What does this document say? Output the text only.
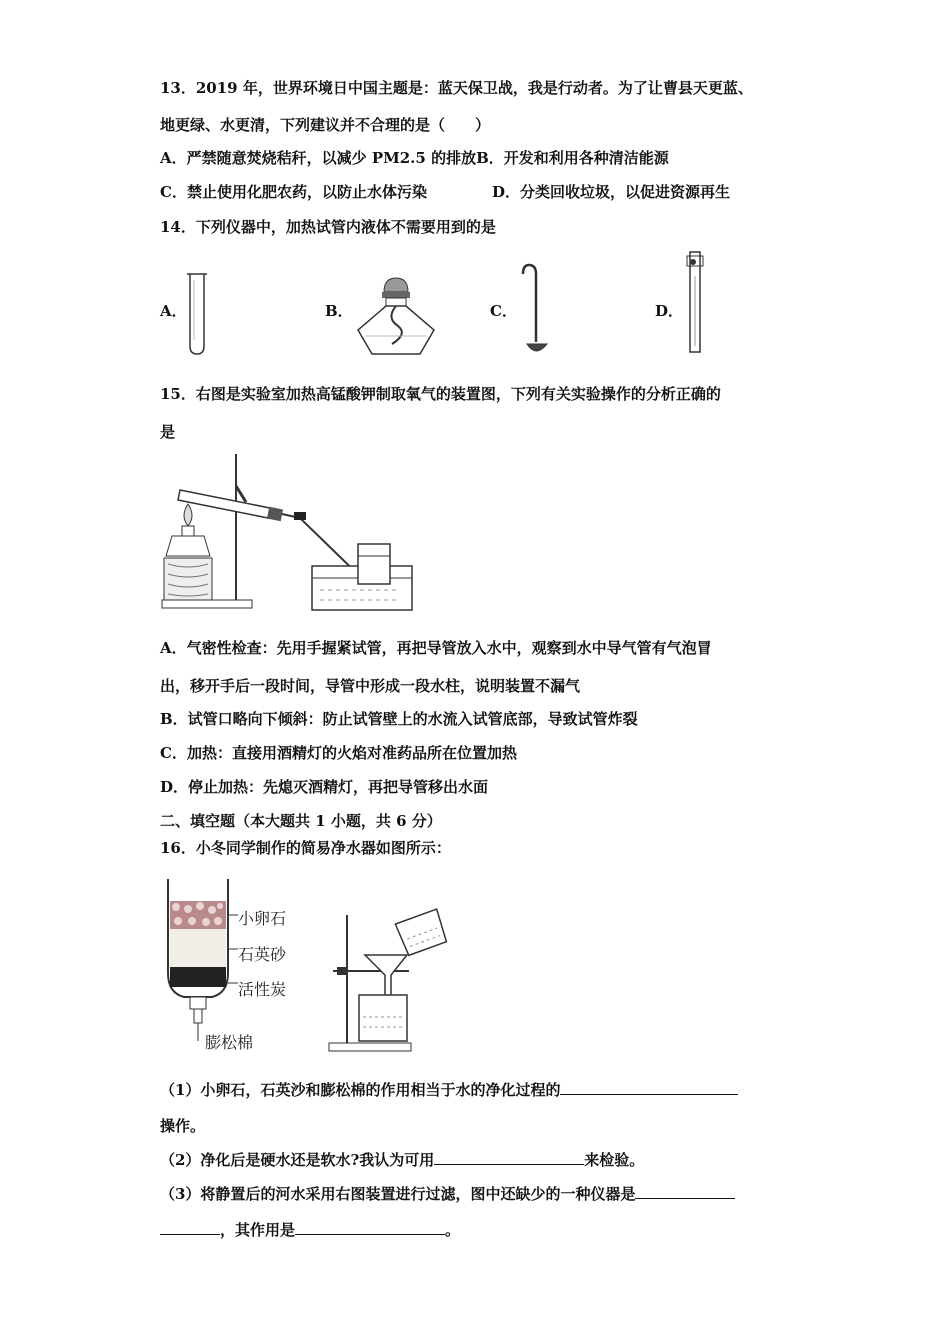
13．2019 年，世界环境日中国主题是：蓝天保卫战，我是行动者。为了让曹县天更蓝、
地更绿、水更清，下列建议并不合理的是（　　）
A．严禁随意焚烧秸秆，以减少 PM2.5 的排放B．开发和利用各种清洁能源
C．禁止使用化肥农药，以防止水体污染	D．分类回收垃圾，以促进资源再生
14．下列仪器中，加热试管内液体不需要用到的是
A．	B．	C．	D．
15．右图是实验室加热高锰酸钾制取氧气的装置图，下列有关实验操作的分析正确的
是
A．气密性检查：先用手握紧试管，再把导管放入水中，观察到水中导气管有气泡冒
出，移开手后一段时间，导管中形成一段水柱，说明装置不漏气
B．试管口略向下倾斜：防止试管壁上的水流入试管底部，导致试管炸裂
C．加热：直接用酒精灯的火焰对准药品所在位置加热
D．停止加热：先熄灭酒精灯，再把导管移出水面
二、填空题（本大题共 1 小题，共 6 分）
16．小冬同学制作的简易净水器如图所示：
小卵石
石英砂
活性炭
膨松棉
（1）小卵石，石英沙和膨松棉的作用相当于水的净化过程的
操作。
（2）净化后是硬水还是软水?我认为可用	来检验。
（3）将静置后的河水采用右图装置进行过滤，图中还缺少的一种仪器是
，其作用是	。
